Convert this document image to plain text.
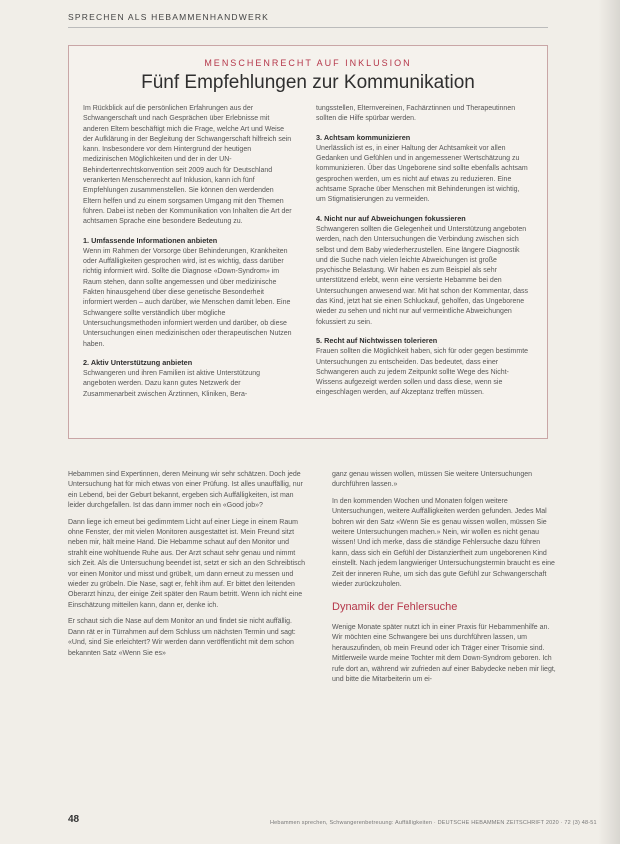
SPRECHEN ALS HEBAMMENHANDWERK
MENSCHENRECHT AUF INKLUSION
Fünf Empfehlungen zur Kommunikation

Im Rückblick auf die persönlichen Erfahrungen aus der Schwangerschaft und nach Gesprächen über Erlebnisse mit anderen Eltern beschäftigt mich die Frage, welche Art und Weise der Aufklärung in der Begleitung der Schwangerschaft hilfreich sein kann. Insbesondere vor dem Hintergrund der heutigen medizinischen Möglichkeiten und der in der UN-Behindertenrechtskonvention seit 2009 auch für Deutschland verankerten Menschenrecht auf Inklusion, kann ich fünf Empfehlungen zusammenstellen. Sie können den werdenden Eltern helfen und zu einem sorgsamen Umgang mit den Themen führen. Dabei ist neben der Kommunikation von Inhalten die Art der achtsamen Sprache eine besondere Bedeutung zu.

1. Umfassende Informationen anbieten

Wenn im Rahmen der Vorsorge über Behinderungen, Krankheiten oder Auffälligkeiten gesprochen wird, ist es wichtig, dass darüber richtig informiert wird. Sollte die Diagnose «Down-Syndrom» im Raum stehen, dann sollte angemessen und über medizinische Fakten hinausgehend über diese genetische Besonderheit informiert werden – auch darüber, wie Menschen damit leben. Eine Schwangere sollte verständlich über mögliche Untersuchungsmethoden informiert werden und darüber, ob diese Untersuchungen einen medizinischen oder therapeutischen Nutzen haben.

2. Aktiv Unterstützung anbieten

Schwangeren und ihren Familien ist aktive Unterstützung angeboten werden. Dazu kann gutes Netzwerk der Zusammenarbeit zwischen Ärztinnen, Kliniken, Bera-

tungsstellen, Elternvereinen, Fachärztinnen und Therapeutinnen sollten die Hilfe spürbar werden.

3. Achtsam kommunizieren

Unerlässlich ist es, in einer Haltung der Achtsamkeit vor allen Gedanken und Gefühlen und in angemessener Wertschätzung zu kommunizieren. Über das Ungeborene sind sollte ebenfalls achtsam gesprochen werden, um es nicht auf etwas zu reduzieren. Eine achtsame Sprache über Menschen mit Behinderungen ist wichtig, um Stigmatisierungen zu vermeiden.

4. Nicht nur auf Abweichungen fokussieren

Schwangeren sollten die Gelegenheit und Unterstützung angeboten werden, nach den Untersuchungen die Verbindung zwischen sich selbst und dem Baby wiederherzustellen. Eine längere Diagnostik und die Suche nach vielen leichte Abweichungen ist große psychische Belastung. Wir haben es zum Beispiel als sehr unterstützend erlebt, wenn eine versierte Hebamme bei den Untersuchungen anwesend war. Mit hat schon der Kommentar, dass das Kind, jetzt hat sie einen Schluckauf, geholfen, das Ungeborene wieder zu sehen und nicht nur auf vermeintliche Abweichungen fokussiert zu sein.

5. Recht auf Nichtwissen tolerieren

Frauen sollten die Möglichkeit haben, sich für oder gegen bestimmte Untersuchungen zu entscheiden. Das bedeutet, dass einer Schwangeren auch zu jedem Zeitpunkt sollte Wege des Nicht-Wissens aufgezeigt werden sollen und dass diese, wenn sie eingeschlagen werden, auf Akzeptanz treffen müssen.

Hebammen sind Expertinnen, deren Meinung wir sehr schätzen. Doch jede Untersuchung hat für mich etwas von einer Prüfung. Ist alles unauffällig, nur ein Lebend, bei der Geburt bekannt, ergeben sich Auffälligkeiten, ist man leider durchgefallen. Ist das dann immer noch ein «Good job»?

Dann liege ich erneut bei gedimmtem Licht auf einer Liege in einem Raum ohne Fenster, der mit vielen Monitoren ausgestattet ist. Mein Freund sitzt neben mir, hält meine Hand. Die Hebamme schaut auf den Monitor und strahlt eine wohltuende Ruhe aus. Der Arzt schaut sehr genau und nimmt sich Zeit. Als die Untersuchung beendet ist, setzt er sich an den Schreibtisch vor einen Monitor und misst und grübelt, um dann erneut zu messen und wieder zu grübeln. Die Nase, sagt er, fehlt ihm auf. Er bittet den leitenden Oberarzt hinzu, der einige Zeit später den Raum betritt. Wenn ich nicht eine Einschätzung mitteilen kann, dann er, denke ich.

Er schaut sich die Nase auf dem Monitor an und findet sie nicht auffällig. Dann rät er in Türrahmen auf dem Schluss um nächsten Termin und sagt: «Und, sind Sie erleichtert? Wir werden dann veröffentlicht mit dem schon bekannten Satz «Wenn Sie es»

ganz genau wissen wollen, müssen Sie weitere Untersuchungen durchführen lassen.»

In den kommenden Wochen und Monaten folgen weitere Untersuchungen, weitere Auffälligkeiten werden gefunden. Jedes Mal bohren wir den Satz «Wenn Sie es genau wissen wollen, müssen Sie weitere Untersuchungen machen.» Nein, wir wollen es nicht genau wissen! Und ich merke, dass die ständige Fehlersuche dazu führen kann, dass sich ein Gefühl der Distanziertheit zum ungeborenen Kind einstellt. Nach jedem langwieriger Untersuchungstermin braucht es eine Zeit der inneren Ruhe, um sich das gute Gefühl zur Schwangerschaft wieder zurückzuholen.

Dynamik der Fehlersuche

Wenige Monate später nutzt ich in einer Praxis für Hebammenhilfe an. Wir möchten eine Schwangere bei uns durchführen lassen, um herauszufinden, ob mein Freund oder ich Träger einer Trisomie sind. Mittlerweile wurde meine Tochter mit dem Down-Syndrom geboren. Ich rufe dort an, während wir zufrieden auf einer Babydecke neben mir liegt, und bitte die Mitarbeiterin um ei-

48	Hebammen sprechen, Schwangerenbetreuung: Auffälligkeiten · DEUTSCHE HEBAMMEN ZEITSCHRIFT 2020 · 72 (3) 48-51
